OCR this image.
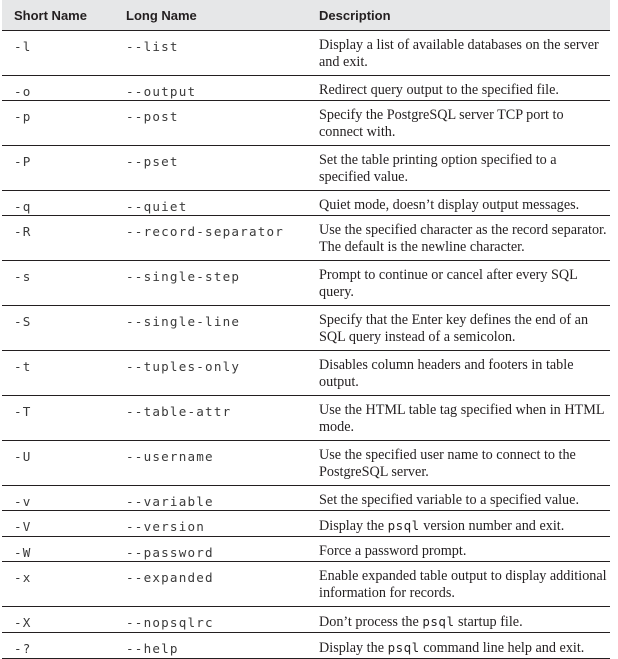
Short Name	Long Name	Description
-l	--list	Display a list of available databases on the server and exit.
-o	--output	Redirect query output to the specified file.
-p	--post	Specify the PostgreSQL server TCP port to connect with.
-P	--pset	Set the table printing option specified to a specified value.
-q	--quiet	Quiet mode, doesn’t display output messages.
-R	--record-separator	Use the specified character as the record separator. The default is the newline character.
-s	--single-step	Prompt to continue or cancel after every SQL query.
-S	--single-line	Specify that the Enter key defines the end of an SQL query instead of a semicolon.
-t	--tuples-only	Disables column headers and footers in table output.
-T	--table-attr	Use the HTML table tag specified when in HTML mode.
-U	--username	Use the specified user name to connect to the PostgreSQL server.
-v	--variable	Set the specified variable to a specified value.
-V	--version	Display the psql version number and exit.
-W	--password	Force a password prompt.
-x	--expanded	Enable expanded table output to display additional information for records.
-X	--nopsqlrc	Don’t process the psql startup file.
-?	--help	Display the psql command line help and exit.
